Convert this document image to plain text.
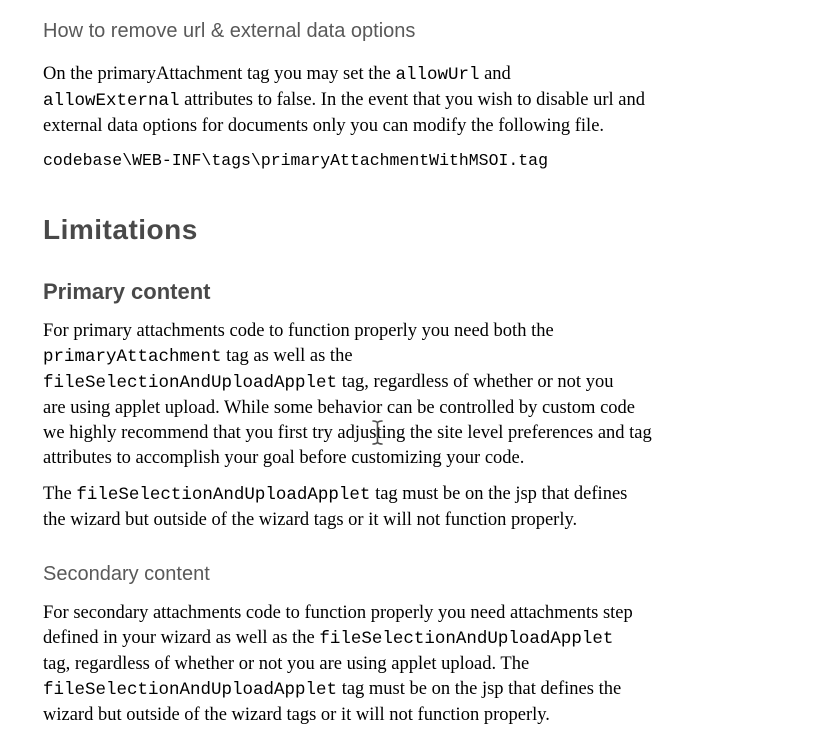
How to remove url & external data options

On the primaryAttachment tag you may set the allowUrl and
allowExternal attributes to false. In the event that you wish to disable url and
external data options for documents only you can modify the following file.

codebase\WEB-INF\tags\primaryAttachmentWithMSOI.tag

Limitations
Primary content

For primary attachments code to function properly you need both the
primaryAttachment tag as well as the
fileSelectionAndUploadApplet tag, regardless of whether or not you
are using applet upload. While some behavior can be controlled by custom code
we highly recommend that you first try adjusting the site level preferences and tag
attributes to accomplish your goal before customizing your code.

The fileSelectionAndUploadApplet tag must be on the jsp that defines
the wizard but outside of the wizard tags or it will not function properly.

Secondary content

For secondary attachments code to function properly you need attachments step
defined in your wizard as well as the fileSelectionAndUploadApplet
tag, regardless of whether or not you are using applet upload. The
fileSelectionAndUploadApplet tag must be on the jsp that defines the
wizard but outside of the wizard tags or it will not function properly.
